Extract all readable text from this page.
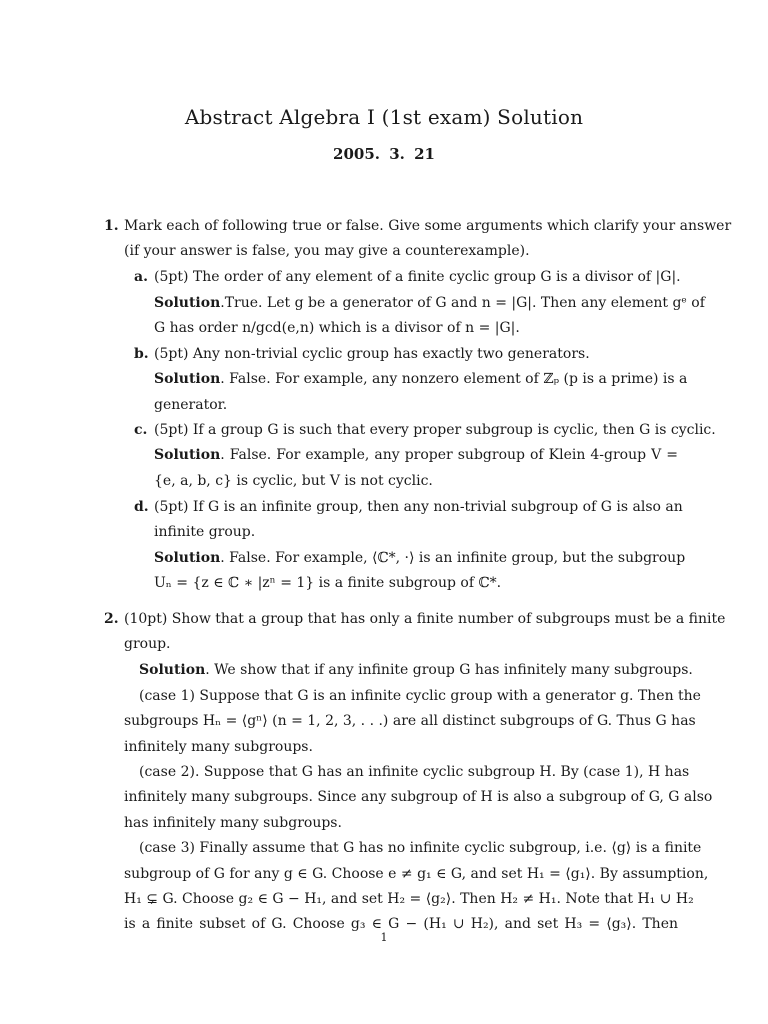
Abstract Algebra I (1st exam) Solution
2005. 3. 21
1. Mark each of following true or false. Give some arguments which clarify your answer
(if your answer is false, you may give a counterexample).
a. (5pt) The order of any element of a finite cyclic group G is a divisor of |G|.
Solution.True. Let g be a generator of G and n = |G|. Then any element gᵉ of
G has order n/gcd(e,n) which is a divisor of n = |G|.
b. (5pt) Any non-trivial cyclic group has exactly two generators.
Solution. False. For example, any nonzero element of ℤₚ (p is a prime) is a
generator.
c. (5pt) If a group G is such that every proper subgroup is cyclic, then G is cyclic.
Solution. False. For example, any proper subgroup of Klein 4-group V =
{e, a, b, c} is cyclic, but V is not cyclic.
d. (5pt) If G is an infinite group, then any non-trivial subgroup of G is also an
infinite group.
Solution. False. For example, ⟨ℂ*, ·⟩ is an infinite group, but the subgroup
Uₙ = {z ∈ ℂ ∗ |zⁿ = 1} is a finite subgroup of ℂ*.
2. (10pt) Show that a group that has only a finite number of subgroups must be a finite
group.
Solution. We show that if any infinite group G has infinitely many subgroups.
(case 1) Suppose that G is an infinite cyclic group with a generator g. Then the
subgroups Hₙ = ⟨gⁿ⟩ (n = 1, 2, 3, . . .) are all distinct subgroups of G. Thus G has
infinitely many subgroups.
(case 2). Suppose that G has an infinite cyclic subgroup H. By (case 1), H has
infinitely many subgroups. Since any subgroup of H is also a subgroup of G, G also
has infinitely many subgroups.
(case 3) Finally assume that G has no infinite cyclic subgroup, i.e. ⟨g⟩ is a finite
subgroup of G for any g ∈ G. Choose e ≠ g₁ ∈ G, and set H₁ = ⟨g₁⟩. By assumption,
H₁ ⊊ G. Choose g₂ ∈ G − H₁, and set H₂ = ⟨g₂⟩. Then H₂ ≠ H₁. Note that H₁ ∪ H₂
is a finite subset of G. Choose g₃ ∈ G − (H₁ ∪ H₂), and set H₃ = ⟨g₃⟩. Then
1
